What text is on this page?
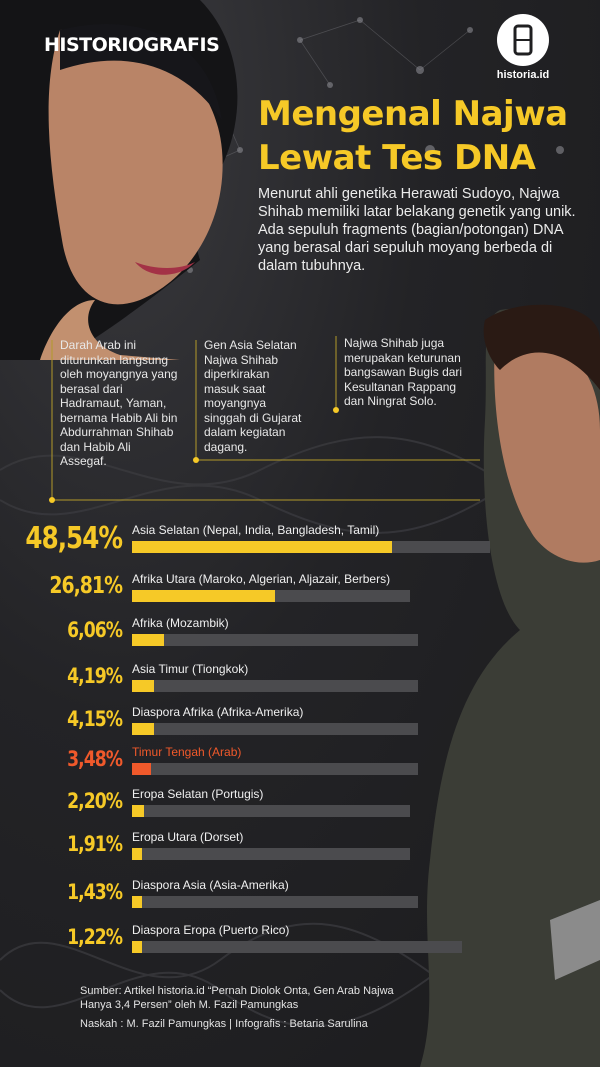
HISTORIOGRAFIS
historia.id
Mengenal Najwa
Lewat Tes DNA
Menurut ahli genetika Herawati Sudoyo, Najwa Shihab memiliki latar belakang genetik yang unik. Ada sepuluh fragments (bagian/potongan) DNA yang berasal dari sepuluh moyang berbeda di dalam tubuhnya.
Darah Arab ini diturunkan langsung oleh moyangnya yang berasal dari Hadramaut, Yaman, bernama Habib Ali bin Abdurrahman Shihab dan Habib Ali Assegaf.
Gen Asia Selatan Najwa Shihab diperkirakan masuk saat moyangnya singgah di Gujarat dalam kegiatan dagang.
Najwa Shihab juga merupakan keturunan bangsawan Bugis dari Kesultanan Rappang dan Ningrat Solo.
48,54% Asia Selatan (Nepal, India, Bangladesh, Tamil)
26,81% Afrika Utara (Maroko, Algerian, Aljazair, Berbers)
6,06% Afrika (Mozambik)
4,19% Asia Timur (Tiongkok)
4,15% Diaspora Afrika (Afrika-Amerika)
3,48% Timur Tengah (Arab)
2,20% Eropa Selatan (Portugis)
1,91% Eropa Utara (Dorset)
1,43% Diaspora Asia (Asia-Amerika)
1,22% Diaspora Eropa (Puerto Rico)
Sumber: Artikel historia.id “Pernah Diolok Onta, Gen Arab Najwa Hanya 3,4 Persen” oleh M. Fazil Pamungkas
Naskah : M. Fazil Pamungkas | Infografis : Betaria Sarulina
